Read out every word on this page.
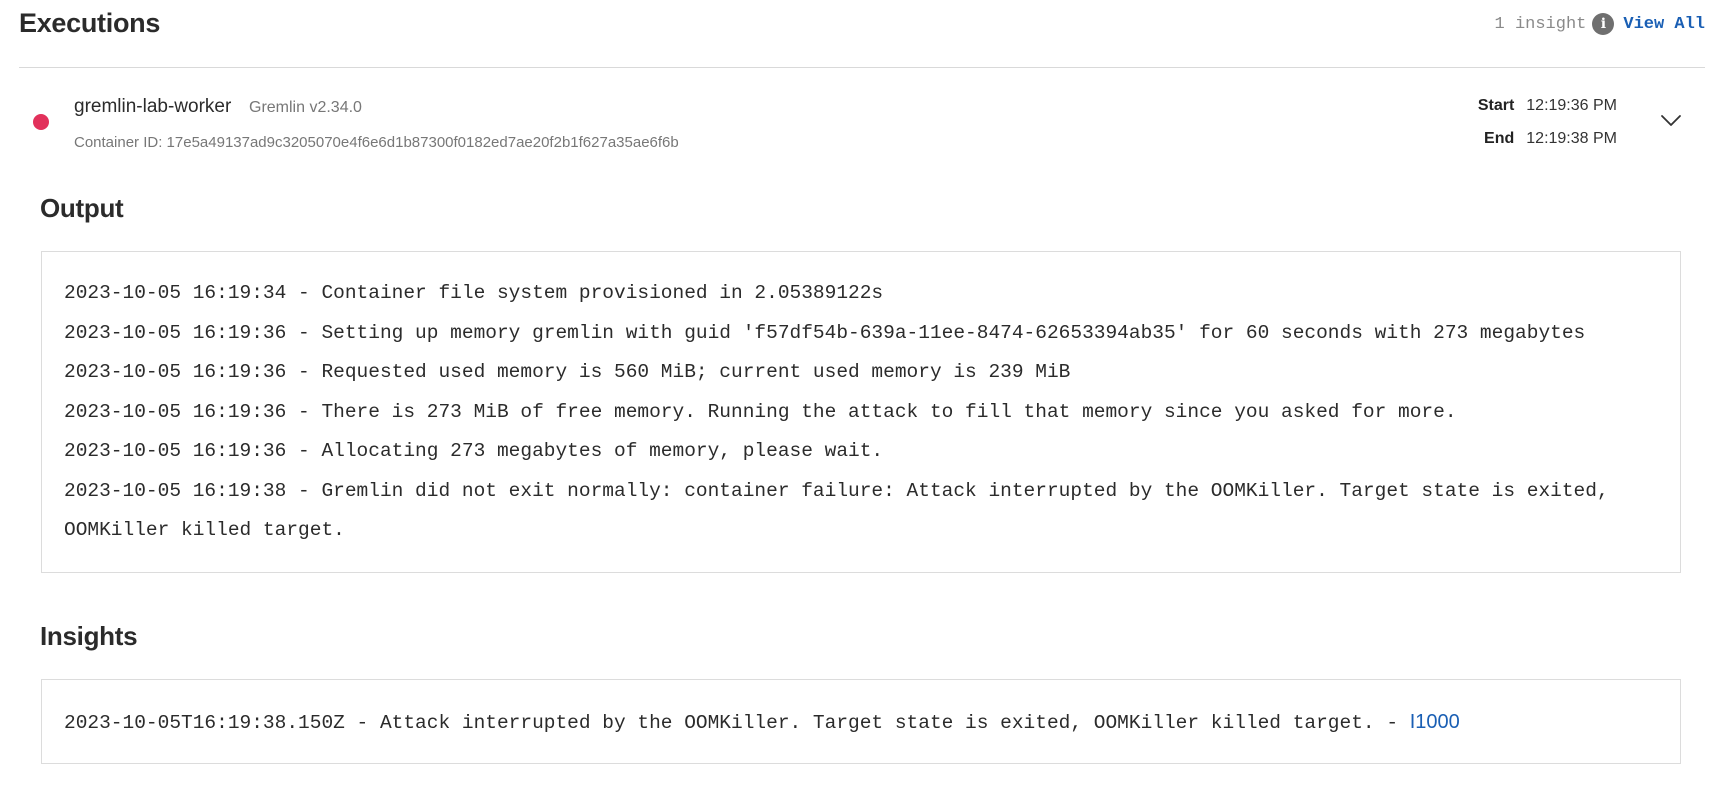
Executions	1 insight	i	View All
gremlin-lab-worker Gremlin v2.34.0
Container ID: 17e5a49137ad9c3205070e4f6e6d1b87300f0182ed7ae20f2b1f627a35ae6f6b
Start 12:19:36 PM
End 12:19:38 PM
Output
2023-10-05 16:19:34 - Container file system provisioned in 2.05389122s
2023-10-05 16:19:36 - Setting up memory gremlin with guid 'f57df54b-639a-11ee-8474-62653394ab35' for 60 seconds with 273 megabytes
2023-10-05 16:19:36 - Requested used memory is 560 MiB; current used memory is 239 MiB
2023-10-05 16:19:36 - There is 273 MiB of free memory. Running the attack to fill that memory since you asked for more.
2023-10-05 16:19:36 - Allocating 273 megabytes of memory, please wait.
2023-10-05 16:19:38 - Gremlin did not exit normally: container failure: Attack interrupted by the OOMKiller. Target state is exited, OOMKiller killed target.
Insights
2023-10-05T16:19:38.150Z - Attack interrupted by the OOMKiller. Target state is exited, OOMKiller killed target. - I1000
